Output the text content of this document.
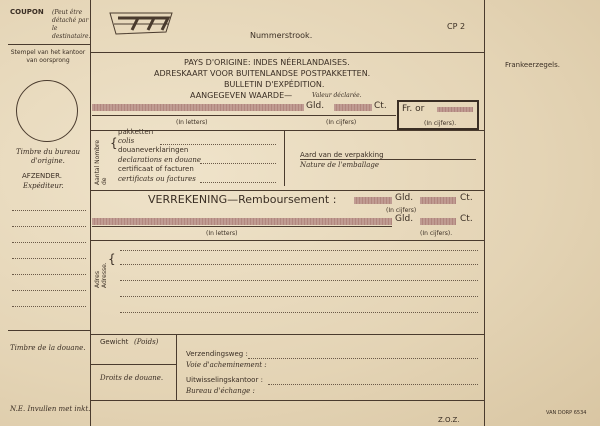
Nummerstrook.
CP 2
Frankeerzegels.
COUPON (Peut être détaché par le destinataire.
Stempel van het kantoor van oorsprong
Timbre du bureau d'origine.
AFZENDER.
Expéditeur.
Timbre de la douane.
N.E. Invullen met inkt.
PAYS D'ORIGINE: INDES NÉERLANDAISES.
ADRESKAART VOOR BUITENLANDSE POSTPAKKETTEN.
BULLETIN D'EXPÉDITION.
AANGEGEVEN WAARDE—	Valeur déclarée.
Gld.	Ct. Fr. or
(In letters)	(In cijfers)	(In cijfers).
Aantal Nombre de
{
pakketten
colis
douaneverklaringen
declarations en douane
certificaat of facturen
certificats ou factures
Aard van de verpakking
Nature de l'emballage
VERREKENING—Remboursement :	Gld.	Ct.
(In cijfers)
Gld.	Ct.
(In letters)	(In cijfers).
Adres Adresse.
{
Gewicht (Poids)
Droits de douane.
Verzendingsweg :
Voie d'acheminement :
Uitwisselingskantoor :
Bureau d'échange :
Z.O.Z.
VAN DORP 6534
